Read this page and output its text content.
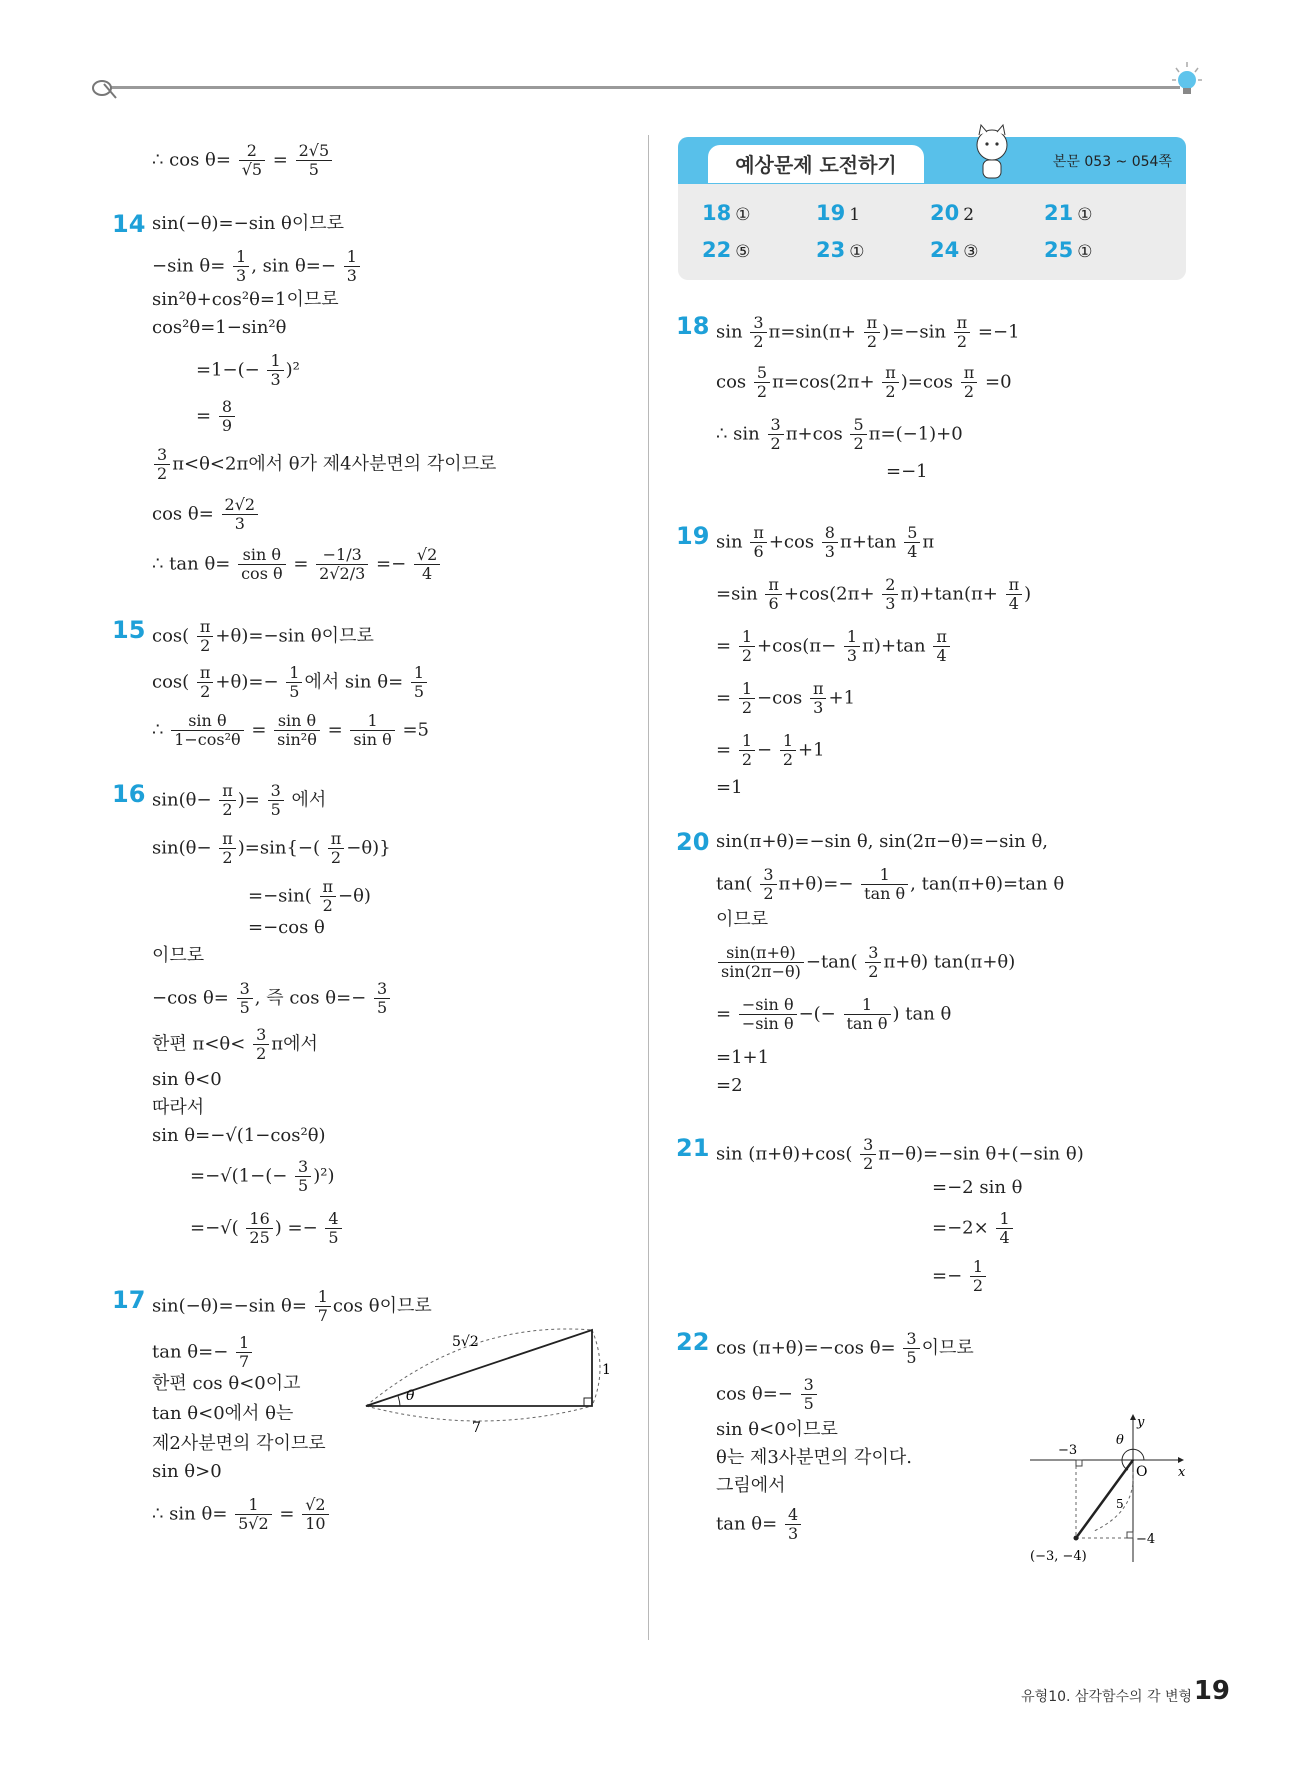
∴ $\cos \theta= \frac{2}{√5} = \frac{2√5}{5}$
14 sin(−θ)=−sin θ이므로
−sin $\theta= \frac{1}{3}$ , $\sin \theta=- \frac{1}{3}$
sin²θ+cos²θ=1이므로
cos²θ=1−sin²θ
$=1-(- \frac{1}{3} )^2$
= $\frac{8}{9}$
$\frac{3}{2} \pi<\theta<2\pi$에서 θ가 제4사분면의 각이므로
$\cos \theta= \frac{2√2}{3}$
∴ $\tan \theta= \frac{\text{sin θ}}{\text{cos θ}} = \frac{-1/3}{2√2/3} =- \frac{√2}{4}$
15 $\cos( \frac{\pi}{2} +\theta)=-\sin$ θ이므로
$\cos( \frac{\pi}{2} +\theta)=- \frac{1}{5}$ 에서 $\sin \theta= \frac{1}{5}$
∴ $\frac{\text{sin θ}}{\text{1−cos²θ}} = \frac{\text{sin θ}}{\text{sin²θ}} = \frac{1}{\text{sin θ}} =5$
16 $\sin(\theta- \frac{\pi}{2}$ )= $\frac{3}{5}$ 에서
$\sin(\theta- \frac{\pi}{2} )=\sin\{-( \frac{\pi}{2} -\theta)\}$
$=-\sin( \frac{\pi}{2} -\theta)$
=−cos θ
이므로
−cos $\theta= \frac{3}{5}$ , 즉 $\cos \theta=- \frac{3}{5}$
한편 $\pi<\theta< \frac{3}{2}$ π에서
sin θ<0
따라서
sin θ=−√(1−cos²θ)
$=-√(1-(- \frac{3}{5} )^2)$
=−√( $\frac{16}{25}$ ) =− $\frac{4}{5}$
17 sin(−θ)=−sin $\theta= \frac{1}{7}$ cos θ이므로
$\tan \theta=- \frac{1}{7}$
한편 cos θ<0이고
tan θ<0에서 θ는
제2사분면의 각이므로
sin θ>0
∴ $\sin \theta= \frac{1}{5√2} = \frac{√2}{10}$
5√2
1
7
θ
예상문제 도전하기	본문 053 ~ 054쪽
18 ①	19 1	20 2	21 ①
22 ⑤	23 ①	24 ③	25 ①
18 $\sin \frac{3}{2} \pi=\sin(\pi+ \frac{\pi}{2} )=-\sin \frac{\pi}{2} =-1$
$\cos \frac{5}{2} \pi=\cos(2\pi+ \frac{\pi}{2} )=\cos \frac{\pi}{2} =0$
∴ $\sin \frac{3}{2} \pi+\cos \frac{5}{2} \pi=(-1)+0$
=−1
19 $\sin \frac{\pi}{6} +\cos \frac{8}{3} \pi+\tan \frac{5}{4}$ π
$=\sin \frac{\pi}{6} +\cos(2\pi+ \frac{2}{3} \pi)+\tan(\pi+ \frac{\pi}{4}$ )
= $\frac{1}{2} +\cos(\pi- \frac{1}{3} \pi)+\tan \frac{\pi}{4}$
= $\frac{1}{2} -\cos \frac{\pi}{3} +1$
= $\frac{1}{2} - \frac{1}{2} +1$
=1
20 sin(π+θ)=−sin θ, sin(2π−θ)=−sin θ,
$\tan( \frac{3}{2} \pi+\theta)=- \frac{1}{\text{tan θ}}$ , tan(π+θ)=tan θ
이므로
$\frac{\sin(\pi+\theta)}{\sin(2\pi-\theta)} -\tan( \frac{3}{2} \pi+\theta)$ tan(π+θ)
= $\frac{\text{−sin θ}}{\text{−sin θ}}$ −(− $\frac{1}{\text{tan θ}}$ ) tan θ
=1+1
=2
21 $\sin (\pi+\theta)+\cos( \frac{3}{2} \pi-\theta)=-\sin$ θ+(−sin θ)
=−2 sin θ
$=-2\times \frac{1}{4}$
=− $\frac{1}{2}$
22 cos (π+θ)=−cos $\theta= \frac{3}{5}$ 이므로
$\cos \theta=- \frac{3}{5}$
sin θ<0이므로
θ는 제3사분면의 각이다.
그림에서
$\tan \theta= \frac{4}{3}$
y
x
O
−3
−4
5
(−3, −4)
θ
유형10. 삼각함수의 각 변형 19
